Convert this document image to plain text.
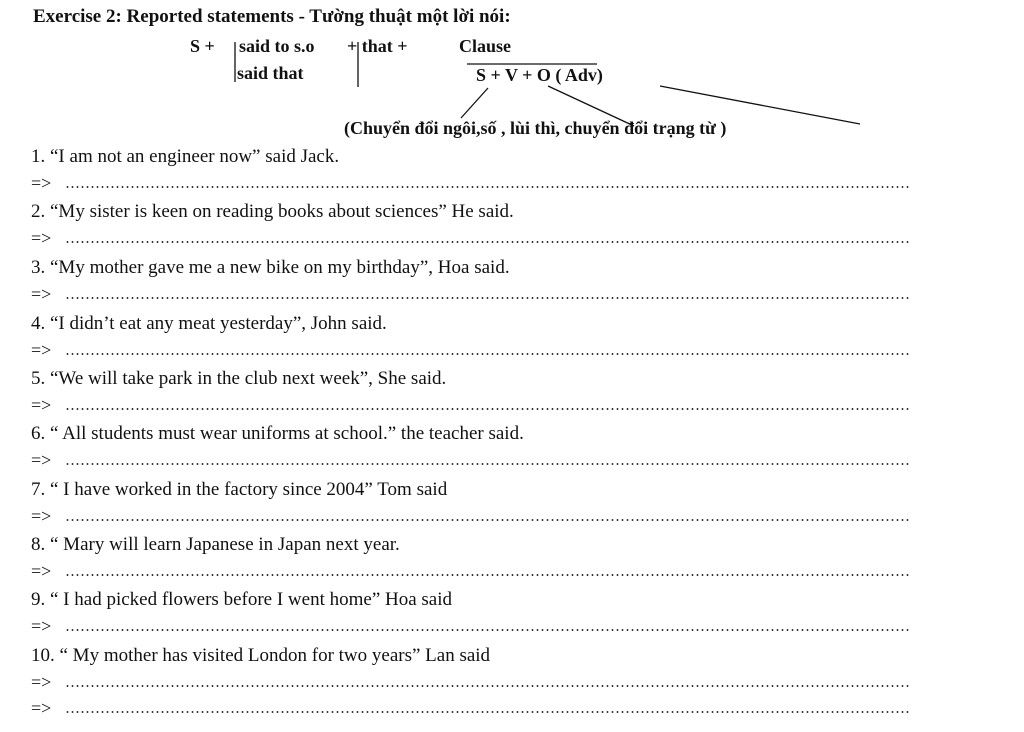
Exercise 2: Reported statements - Tường thuật một lời nói:
S + said to s.o
said that
+ that +	Clause
S + V + O ( Adv)
(Chuyển đổi ngôi,số , lùi thì, chuyển đổi trạng từ )
1. “I am not an engineer now” said Jack.
=>
2. “My sister is keen on reading books about sciences” He said.
=>
3. “My mother gave me a new bike on my birthday”, Hoa said.
=>
4. “I didn’t eat any meat yesterday”, John said.
=>
5. “We will take park in the club next week”, She said.
=>
6. “ All students must wear uniforms at school.” the teacher said.
=>
7. “ I have worked in the factory since 2004” Tom said
=>
8. “ Mary will learn Japanese in Japan next year.
=>
9. “ I had picked flowers before I went home” Hoa said
=>
10. “ My mother has visited London for two years” Lan said
=>
=>
